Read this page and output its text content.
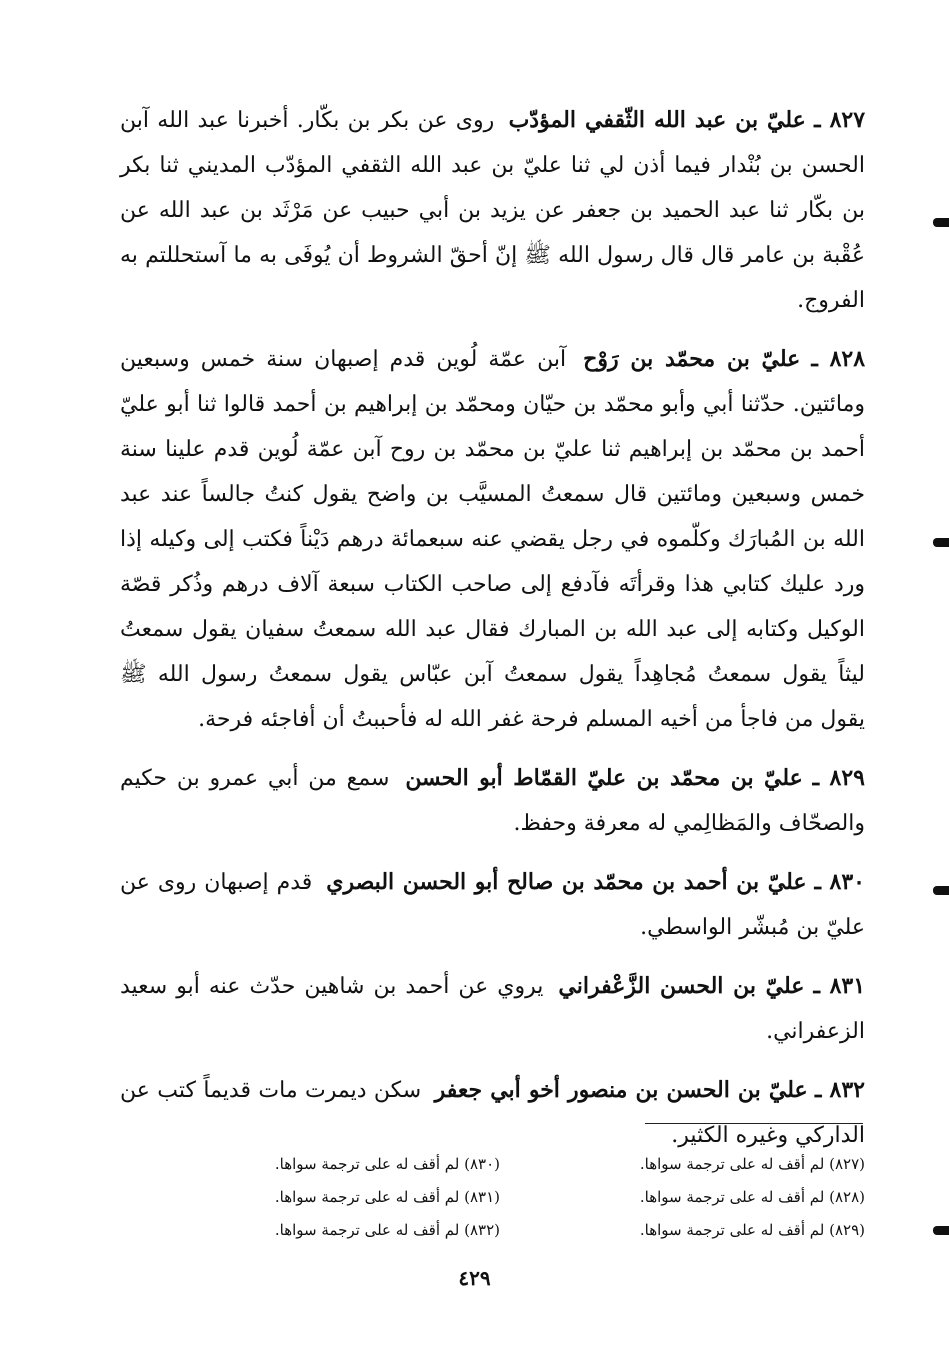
٨٢٧ ـ عليّ بن عبد الله الثّقفي المؤدّب روى عن بكر بن بكّار. أخبرنا عبد الله آبن الحسن بن بُنْدار فيما أذن لي ثنا عليّ بن عبد الله الثقفي المؤدّب المديني ثنا بكر بن بكّار ثنا عبد الحميد بن جعفر عن يزيد بن أبي حبيب عن مَرْثَد بن عبد الله عن عُقْبة بن عامر قال قال رسول الله ﷺ إنّ أحقّ الشروط أن يُوفَى به ما آستحللتم به الفروج.

٨٢٨ ـ عليّ بن محمّد بن رَوْح آبن عمّة لُوين قدم إصبهان سنة خمس وسبعين ومائتين. حدّثنا أبي وأبو محمّد بن حيّان ومحمّد بن إبراهيم بن أحمد قالوا ثنا أبو عليّ أحمد بن محمّد بن إبراهيم ثنا عليّ بن محمّد بن روح آبن عمّة لُوين قدم علينا سنة خمس وسبعين ومائتين قال سمعتُ المسيَّب بن واضح يقول كنتُ جالساً عند عبد الله بن المُبارَك وكلّموه في رجل يقضي عنه سبعمائة درهم دَيْناً فكتب إلى وكيله إذا ورد عليك كتابي هذا وقرأتَه فآدفع إلى صاحب الكتاب سبعة آلاف درهم وذُكر قصّة الوكيل وكتابه إلى عبد الله بن المبارك فقال عبد الله سمعتُ سفيان يقول سمعتُ ليثاً يقول سمعتُ مُجاهِداً يقول سمعتُ آبن عبّاس يقول سمعتُ رسول الله ﷺ يقول من فاجأ من أخيه المسلم فرحة غفر الله له فأحببتُ أن أفاجئه فرحة.

٨٢٩ ـ عليّ بن محمّد بن عليّ القمّاط أبو الحسن سمع من أبي عمرو بن حكيم والصحّاف والمَظالِمي له معرفة وحفظ.

٨٣٠ ـ عليّ بن أحمد بن محمّد بن صالح أبو الحسن البصري قدم إصبهان روى عن عليّ بن مُبشّر الواسطي.

٨٣١ ـ عليّ بن الحسن الزَّعْفراني يروي عن أحمد بن شاهين حدّث عنه أبو سعيد الزعفراني.

٨٣٢ ـ عليّ بن الحسن بن منصور أخو أبي جعفر سكن ديمرت مات قديماً كتب عن الداركي وغيره الكثير.

(٨٢٧) لم أقف له على ترجمة سواها.
(٨٢٨) لم أقف له على ترجمة سواها.
(٨٢٩) لم أقف له على ترجمة سواها.
(٨٣٠) لم أقف له على ترجمة سواها.
(٨٣١) لم أقف له على ترجمة سواها.
(٨٣٢) لم أقف له على ترجمة سواها.
٤٢٩
